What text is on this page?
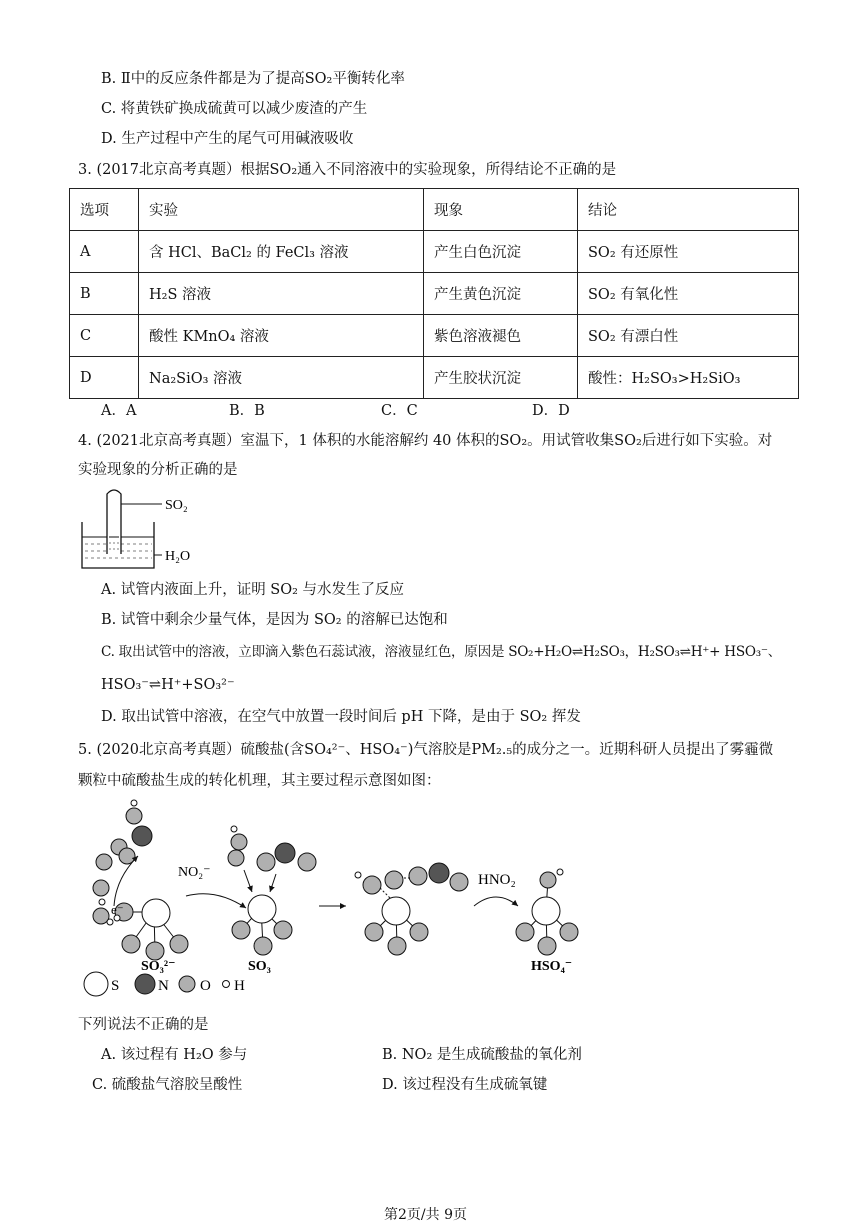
B. Ⅱ中的反应条件都是为了提高SO₂平衡转化率
C. 将黄铁矿换成硫黄可以减少废渣的产生
D. 生产过程中产生的尾气可用碱液吸收
3. (2017北京高考真题）根据SO₂通入不同溶液中的实验现象，所得结论不正确的是
选项	实验	现象	结论
A	含 HCl、BaCl₂ 的 FeCl₃ 溶液	产生白色沉淀	SO₂ 有还原性
B	H₂S 溶液	产生黄色沉淀	SO₂ 有氧化性
C	酸性 KMnO₄ 溶液	紫色溶液褪色	SO₂ 有漂白性
D	Na₂SiO₃ 溶液	产生胶状沉淀	酸性：H₂SO₃>H₂SiO₃
A．A	B．B	C．C	D．D
4. (2021北京高考真题）室温下，1 体积的水能溶解约 40 体积的SO₂。用试管收集SO₂后进行如下实验。对
实验现象的分析正确的是
SO₂
H₂O
A. 试管内液面上升，证明 SO₂ 与水发生了反应
B. 试管中剩余少量气体，是因为 SO₂ 的溶解已达饱和
C. 取出试管中的溶液，立即滴入紫色石蕊试液，溶液显红色，原因是 SO₂+H₂O⇌H₂SO₃，H₂SO₃⇌H⁺+ HSO₃⁻、
HSO₃⁻⇌H⁺+SO₃²⁻
D. 取出试管中溶液，在空气中放置一段时间后 pH 下降，是由于 SO₂ 挥发
5. (2020北京高考真题）硫酸盐(含SO₄²⁻、HSO₄⁻)气溶胶是PM₂.₅的成分之一。近期科研人员提出了雾霾微
颗粒中硫酸盐生成的转化机理，其主要过程示意图如图：
e⁻
NO₂⁻
SO₃²⁻	SO₃
HNO₂
HSO₄⁻
S	N O H
下列说法不正确的是
A. 该过程有 H₂O 参与	B. NO₂ 是生成硫酸盐的氧化剂
C. 硫酸盐气溶胶呈酸性	D. 该过程没有生成硫氧键
第2页/共 9页
